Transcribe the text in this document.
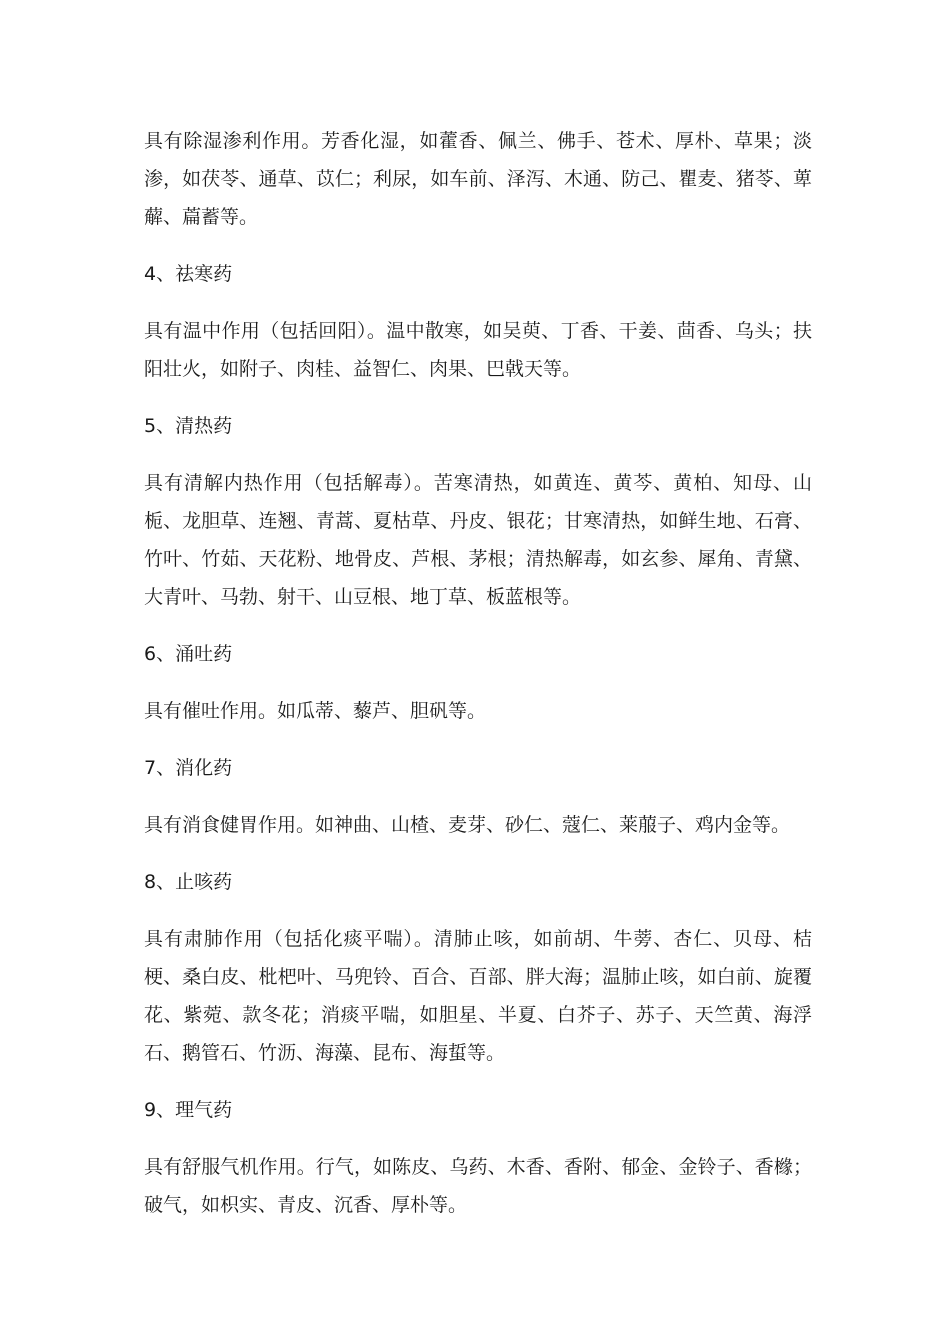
具有除湿渗利作用。芳香化湿，如藿香、佩兰、佛手、苍术、厚朴、草果；淡渗，如茯苓、通草、苡仁；利尿，如车前、泽泻、木通、防己、瞿麦、猪苓、萆薢、萹蓄等。

4、祛寒药

具有温中作用（包括回阳）。温中散寒，如吴萸、丁香、干姜、茴香、乌头；扶阳壮火，如附子、肉桂、益智仁、肉果、巴戟天等。

5、清热药

具有清解内热作用（包括解毒）。苦寒清热，如黄连、黄芩、黄柏、知母、山栀、龙胆草、连翘、青蒿、夏枯草、丹皮、银花；甘寒清热，如鲜生地、石膏、竹叶、竹茹、天花粉、地骨皮、芦根、茅根；清热解毒，如玄参、犀角、青黛、大青叶、马勃、射干、山豆根、地丁草、板蓝根等。

6、涌吐药

具有催吐作用。如瓜蒂、藜芦、胆矾等。

7、消化药

具有消食健胃作用。如神曲、山楂、麦芽、砂仁、蔻仁、莱菔子、鸡内金等。

8、止咳药

具有肃肺作用（包括化痰平喘）。清肺止咳，如前胡、牛蒡、杏仁、贝母、桔梗、桑白皮、枇杷叶、马兜铃、百合、百部、胖大海；温肺止咳，如白前、旋覆花、紫菀、款冬花；消痰平喘，如胆星、半夏、白芥子、苏子、天竺黄、海浮石、鹅管石、竹沥、海藻、昆布、海蜇等。

9、理气药

具有舒服气机作用。行气，如陈皮、乌药、木香、香附、郁金、金铃子、香橼；破气，如枳实、青皮、沉香、厚朴等。
